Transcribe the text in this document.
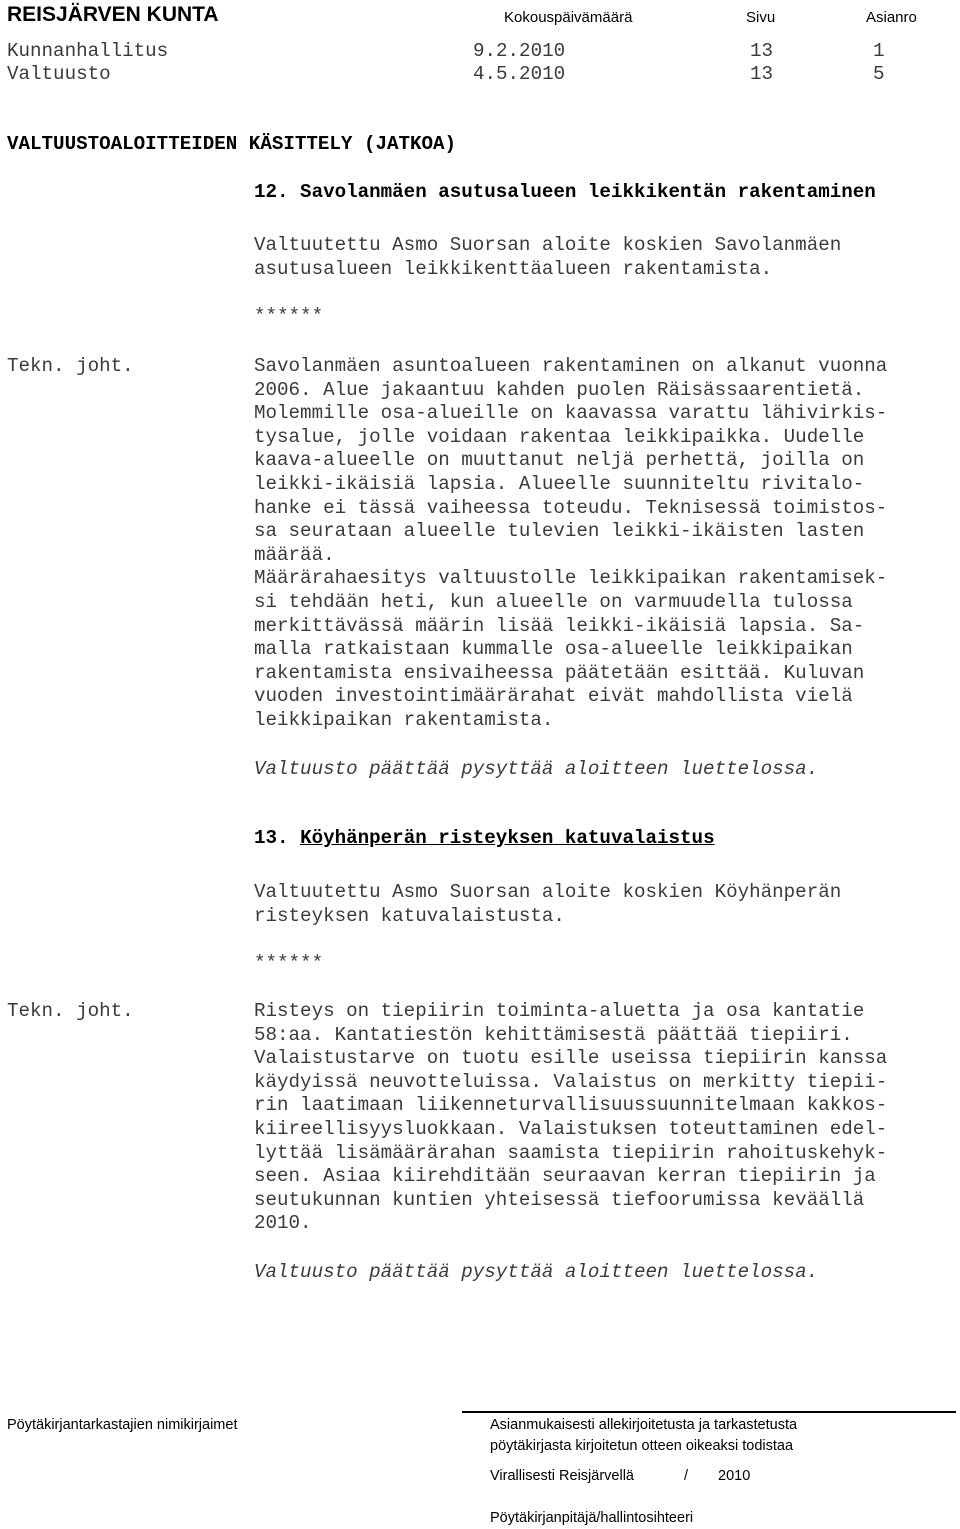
REISJÄRVEN KUNTA	Kokouspäivämäärä	Sivu	Asianro
Kunnanhallitus	9.2.2010	13	1
Valtuusto	4.5.2010	13	5
VALTUUSTOALOITTEIDEN KÄSITTELY (JATKOA)
12. Savolanmäen asutusalueen leikkikentän rakentaminen
Valtuutettu Asmo Suorsan aloite koskien Savolanmäen
asutusalueen leikkikenttäalueen rakentamista.
******
Tekn. joht.	Savolanmäen asuntoalueen rakentaminen on alkanut vuonna
2006. Alue jakaantuu kahden puolen Räisässaarentietä.
Molemmille osa-alueille on kaavassa varattu lähivirkis-
tysalue, jolle voidaan rakentaa leikkipaikka. Uudelle
kaava-alueelle on muuttanut neljä perhettä, joilla on
leikki-ikäisiä lapsia. Alueelle suunniteltu rivitalo-
hanke ei tässä vaiheessa toteudu. Teknisessä toimistos-
sa seurataan alueelle tulevien leikki-ikäisten lasten
määrää.
Määrärahaesitys valtuustolle leikkipaikan rakentamisek-
si tehdään heti, kun alueelle on varmuudella tulossa
merkittävässä määrin lisää leikki-ikäisiä lapsia. Sa-
malla ratkaistaan kummalle osa-alueelle leikkipaikan
rakentamista ensivaiheessa päätetään esittää. Kuluvan
vuoden investointimäärärahat eivät mahdollista vielä
leikkipaikan rakentamista.
Valtuusto päättää pysyttää aloitteen luettelossa.
13. Köyhänperän risteyksen katuvalaistus
Valtuutettu Asmo Suorsan aloite koskien Köyhänperän
risteyksen katuvalaistusta.
******
Tekn. joht.	Risteys on tiepiirin toiminta-aluetta ja osa kantatie
58:aa. Kantatiestön kehittämisestä päättää tiepiiri.
Valaistustarve on tuotu esille useissa tiepiirin kanssa
käydyissä neuvotteluissa. Valaistus on merkitty tiepii-
rin laatimaan liikenneturvallisuussuunnitelmaan kakkos-
kiireellisyysluokkaan. Valaistuksen toteuttaminen edel-
lyttää lisämäärärahan saamista tiepiirin rahoituskehyk-
seen. Asiaa kiirehditään seuraavan kerran tiepiirin ja
seutukunnan kuntien yhteisessä tiefoorumissa keväällä
2010.
Valtuusto päättää pysyttää aloitteen luettelossa.
Pöytäkirjantarkastajien nimikirjaimet	Asianmukaisesti allekirjoitetusta ja tarkastetusta
pöytäkirjasta kirjoitetun otteen oikeaksi todistaa
Virallisesti Reisjärvellä	/ 2010
Pöytäkirjanpitäjä/hallintosihteeri
